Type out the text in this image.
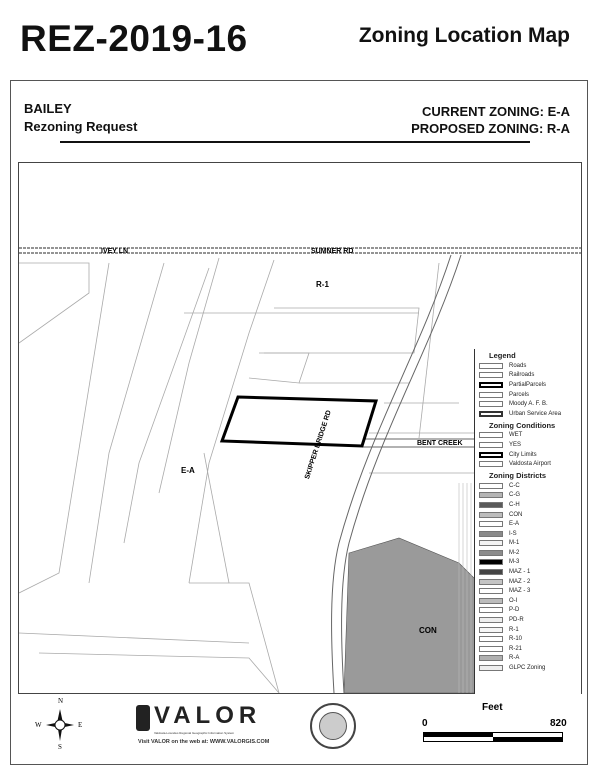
REZ-2019-16	Zoning Location Map
BAILEY
Rezoning Request
CURRENT ZONING: E-A
PROPOSED ZONING: R-A
IVEY LN	SUMNER RD
SKIPPER BRIDGE RD	BENT CREEK
R-1
E-A
CON
Legend
Roads
Railroads
PartialParcels
Parcels
Moody A. F. B.
Urban Service Area
Zoning Conditions
WET
YES
City Limits
Valdosta Airport
Zoning Districts
C-C
C-G
C-H
CON
E-A
I-S
M-1
M-2
M-3
MAZ - 1
MAZ - 2
MAZ - 3
O-I
P-D
PD-R
R-1
R-10
R-21
R-A
GLPC Zoning
N
S
W	E	VALOR
Valdosta-Lowndes Regional Geographic Information System
Visit VALOR on the web at: WWW.VALORGIS.COM
Feet
0	820
